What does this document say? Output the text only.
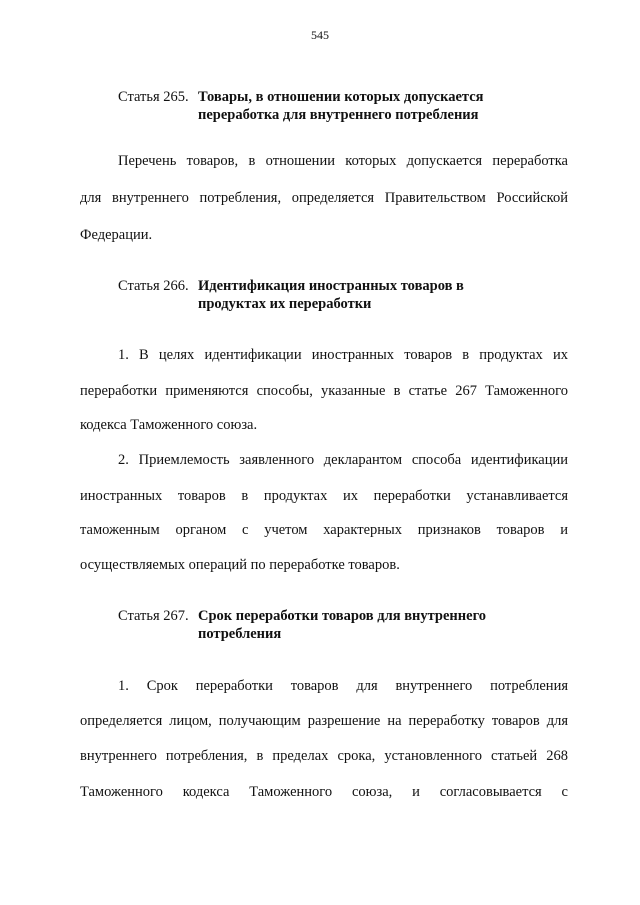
545
Статья 265. Товары, в отношении которых допускается переработка для внутреннего потребления
Перечень товаров, в отношении которых допускается переработка
для внутреннего потребления, определяется Правительством Российской
Федерации.
Статья 266. Идентификация иностранных товаров в продуктах их переработки
1. В целях идентификации иностранных товаров в продуктах их
переработки применяются способы, указанные в статье 267 Таможенного
кодекса Таможенного союза.
2. Приемлемость заявленного декларантом способа идентификации
иностранных товаров в продуктах их переработки устанавливается
таможенным органом с учетом характерных признаков товаров и
осуществляемых операций по переработке товаров.
Статья 267. Срок переработки товаров для внутреннего потребления
1. Срок переработки товаров для внутреннего потребления
определяется лицом, получающим разрешение на переработку товаров для
внутреннего потребления, в пределах срока, установленного статьей 268
Таможенного кодекса Таможенного союза, и согласовывается с
